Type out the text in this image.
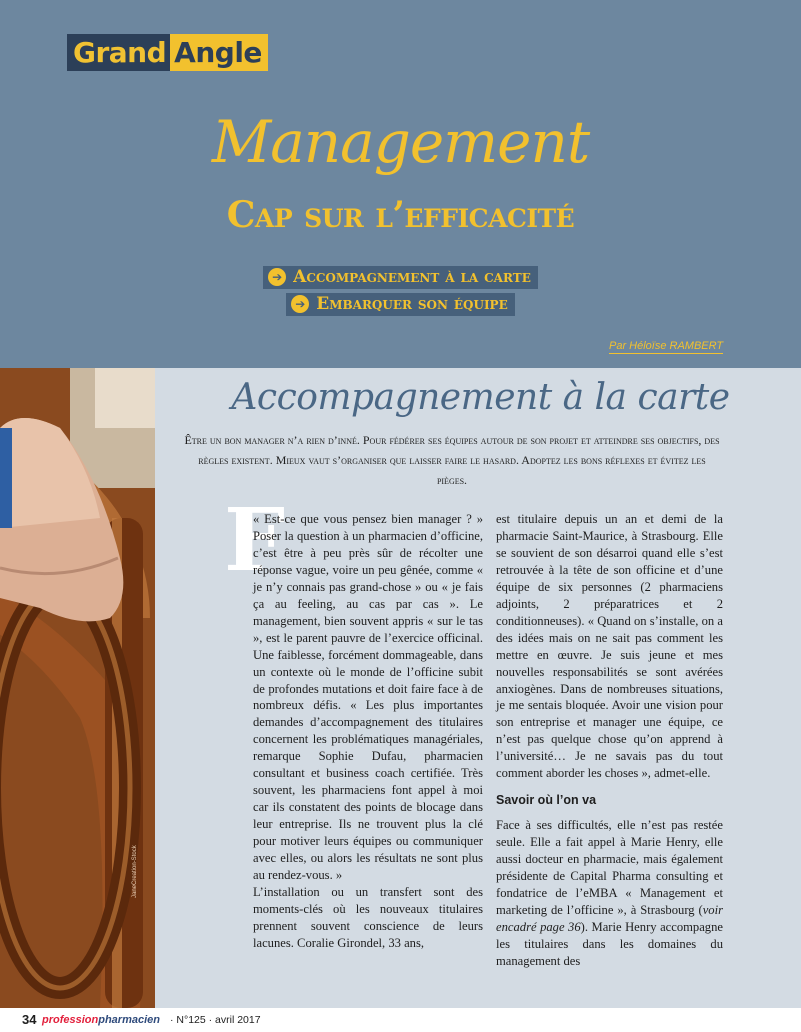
Grand Angle
Management
Cap sur l’efficacité
➔ Accompagnement à la carte
➔ Embarquer son équipe
Par Héloïse RAMBERT
JaneCreation-Stock
Accompagnement à la carte
Être un bon manager n’a rien d’inné. Pour fédérer ses équipes autour de son projet et atteindre ses objectifs, des règles existent. Mieux vaut s’organiser que laisser faire le hasard. Adoptez les bons réflexes et évitez les pièges.
F

« Est-ce que vous pensez bien manager ? » Poser la question à un pharmacien d’officine, c’est être à peu près sûr de récolter une réponse vague, voire un peu gênée, comme « je n’y connais pas grand-chose » ou « je fais ça au feeling, au cas par cas ». Le management, bien souvent appris « sur le tas », est le parent pauvre de l’exercice officinal. Une faiblesse, forcément dommageable, dans un contexte où le monde de l’officine subit de profondes mutations et doit faire face à de nombreux défis. « Les plus importantes demandes d’accompagnement des titulaires concernent les problématiques managériales, remarque Sophie Dufau, pharmacien consultant et business coach certifiée. Très souvent, les pharmaciens font appel à moi car ils constatent des points de blocage dans leur entreprise. Ils ne trouvent plus la clé pour motiver leurs équipes ou communiquer avec elles, ou alors les résultats ne sont plus au rendez-vous. »

L’installation ou un transfert sont des moments-clés où les nouveaux titulaires prennent souvent conscience de leurs lacunes. Coralie Girondel, 33 ans,

est titulaire depuis un an et demi de la pharmacie Saint-Maurice, à Strasbourg. Elle se souvient de son désarroi quand elle s’est retrouvée à la tête de son officine et d’une équipe de six personnes (2 pharmaciens adjoints, 2 préparatrices et 2 conditionneuses). « Quand on s’installe, on a des idées mais on ne sait pas comment les mettre en œuvre. Je suis jeune et mes nouvelles responsabilités se sont avérées anxiogènes. Dans de nombreuses situations, je me sentais bloquée. Avoir une vision pour son entreprise et manager une équipe, ce n’est pas quelque chose qu’on apprend à l’université… Je ne savais pas du tout comment aborder les choses », admet-elle.

Savoir où l’on va

Face à ses difficultés, elle n’est pas restée seule. Elle a fait appel à Marie Henry, elle aussi docteur en pharmacie, mais également présidente de Capital Pharma consulting et fondatrice de l’eMBA « Management et marketing de l’officine », à Strasbourg (voir encadré page 36). Marie Henry accompagne les titulaires dans les domaines du management des

34 professionpharmacien · N°125 · avril 2017
